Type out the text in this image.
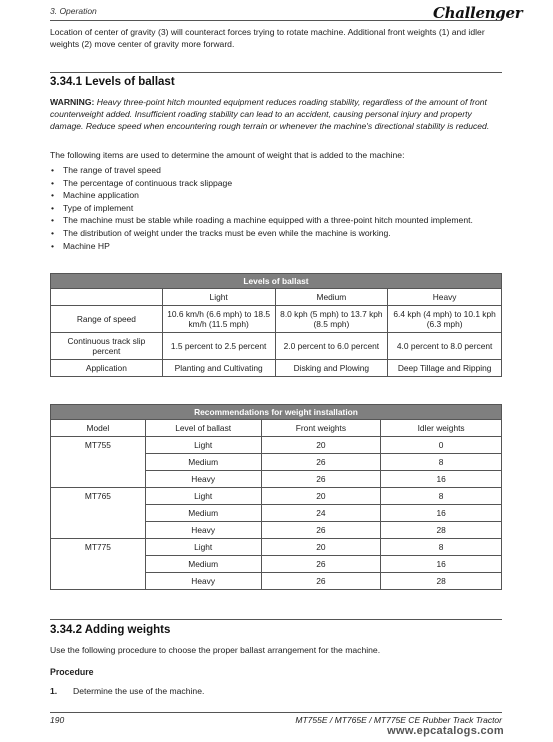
3. Operation	Challenger
Location of center of gravity (3) will counteract forces trying to rotate machine. Additional front weights (1) and idler weights (2) move center of gravity more forward.
3.34.1 Levels of ballast
WARNING: Heavy three-point hitch mounted equipment reduces roading stability, regardless of the amount of front counterweight added. Insufficient roading stability can lead to an accident, causing personal injury and property damage. Reduce speed when encountering rough terrain or whenever the machine's directional stability is reduced.
The following items are used to determine the amount of weight that is added to the machine:
• The range of travel speed
• The percentage of continuous track slippage
• Machine application
• Type of implement
• The machine must be stable while roading a machine equipped with a three-point hitch mounted implement.
• The distribution of weight under the tracks must be even while the machine is working.
• Machine HP
Levels of ballast			
	Light	Medium	Heavy
Range of speed	10.6 km/h (6.6 mph) to 18.5 km/h (11.5 mph)	8.0 kph (5 mph) to 13.7 kph (8.5 mph)	6.4 kph (4 mph) to 10.1 kph (6.3 mph)
Continuous track slip percent	1.5 percent to 2.5 percent	2.0 percent to 6.0 percent	4.0 percent to 8.0 percent
Application	Planting and Cultivating	Disking and Plowing	Deep Tillage and Ripping
Recommendations for weight installation			
Model	Level of ballast	Front weights	Idler weights
MT755	Light	20	0
	Medium	26	8
	Heavy	26	16
MT765	Light	20	8
	Medium	24	16
	Heavy	26	28
MT775	Light	20	8
	Medium	26	16
	Heavy	26	28
3.34.2 Adding weights
Use the following procedure to choose the proper ballast arrangement for the machine.
Procedure
1. Determine the use of the machine.
190	MT755E / MT765E / MT775E CE Rubber Track Tractor
www.epcatalogs.com
